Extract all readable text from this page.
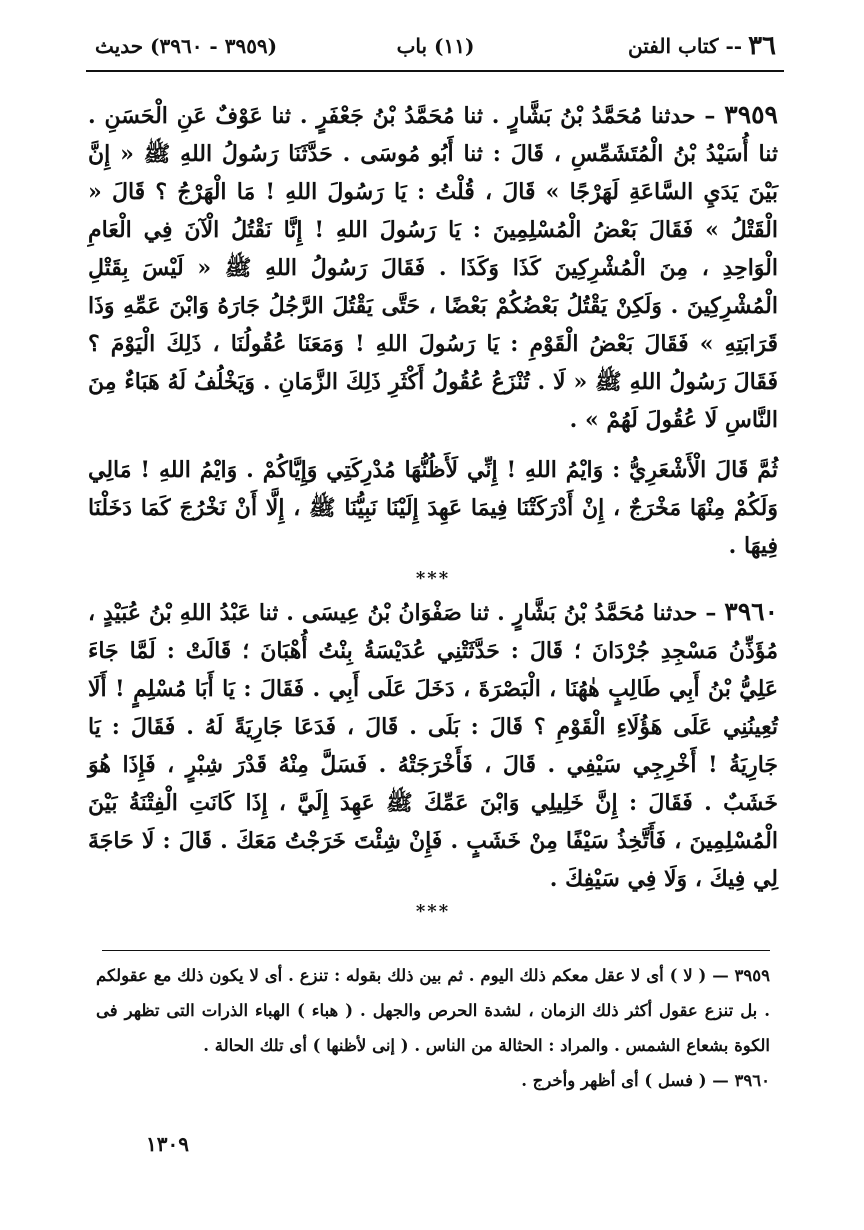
٣٦
-- كتاب الفتن
(١١) باب
(٣٩٥٩ - ٣٩٦٠) حديث

٣٩٥٩ – حدثنا مُحَمَّدُ بْنُ بَشَّارٍ . ثنا مُحَمَّدُ بْنُ جَعْفَرٍ . ثنا عَوْفٌ عَنِ الْحَسَنِ . ثنا أُسَيْدُ بْنُ الْمُتَشَمِّسِ ، قَالَ : ثنا أَبُو مُوسَى . حَدَّثَنَا رَسُولُ اللهِ ﷺ « إِنَّ بَيْنَ يَدَيِ السَّاعَةِ لَهَرْجًا » قَالَ ، قُلْتُ : يَا رَسُولَ اللهِ ! مَا الْهَرْجُ ؟ قَالَ « الْقَتْلُ » فَقَالَ بَعْضُ الْمُسْلِمِينَ : يَا رَسُولَ اللهِ ! إِنَّا نَقْتُلُ الْآنَ فِي الْعَامِ الْوَاحِدِ ، مِنَ الْمُشْرِكِينَ كَذَا وَكَذَا . فَقَالَ رَسُولُ اللهِ ﷺ « لَيْسَ بِقَتْلِ الْمُشْرِكِينَ . وَلَكِنْ يَقْتُلُ بَعْضُكُمْ بَعْضًا ، حَتَّى يَقْتُلَ الرَّجُلُ جَارَهُ وَابْنَ عَمِّهِ وَذَا قَرَابَتِهِ » فَقَالَ بَعْضُ الْقَوْمِ : يَا رَسُولَ اللهِ ! وَمَعَنَا عُقُولُنَا ، ذَلِكَ الْيَوْمَ ؟ فَقَالَ رَسُولُ اللهِ ﷺ « لَا . تُنْزَعُ عُقُولُ أَكْثَرِ ذَلِكَ الزَّمَانِ . وَيَخْلُفُ لَهُ هَبَاءٌ مِنَ النَّاسِ لَا عُقُولَ لَهُمْ » .

ثُمَّ قَالَ الْأَشْعَرِيُّ : وَايْمُ اللهِ ! إِنِّي لَأَظُنُّهَا مُدْرِكَتِي وَإِيَّاكُمْ . وَايْمُ اللهِ ! مَالِي وَلَكُمْ مِنْهَا مَخْرَجٌ ، إِنْ أَدْرَكَتْنَا فِيمَا عَهِدَ إِلَيْنَا نَبِيُّنَا ﷺ ، إِلَّا أَنْ نَخْرُجَ كَمَا دَخَلْنَا فِيهَا .

***

٣٩٦٠ – حدثنا مُحَمَّدُ بْنُ بَشَّارٍ . ثنا صَفْوَانُ بْنُ عِيسَى . ثنا عَبْدُ اللهِ بْنُ عُبَيْدٍ ، مُؤَذِّنُ مَسْجِدِ جُرْدَانَ ؛ قَالَ : حَدَّثَتْنِي عُدَيْسَةُ بِنْتُ أُهْبَانَ ؛ قَالَتْ : لَمَّا جَاءَ عَلِيُّ بْنُ أَبِي طَالِبٍ هٰهُنَا ، الْبَصْرَةَ ، دَخَلَ عَلَى أَبِي . فَقَالَ : يَا أَبَا مُسْلِمٍ ! أَلَا تُعِينُنِي عَلَى هَؤُلَاءِ الْقَوْمِ ؟ قَالَ : بَلَى . قَالَ ، فَدَعَا جَارِيَةً لَهُ . فَقَالَ : يَا جَارِيَةُ ! أَخْرِجِي سَيْفِي . قَالَ ، فَأَخْرَجَتْهُ . فَسَلَّ مِنْهُ قَدْرَ شِبْرٍ ، فَإِذَا هُوَ خَشَبٌ . فَقَالَ : إِنَّ خَلِيلِي وَابْنَ عَمِّكَ ﷺ عَهِدَ إِلَيَّ ، إِذَا كَانَتِ الْفِتْنَةُ بَيْنَ الْمُسْلِمِينَ ، فَأَتَّخِذُ سَيْفًا مِنْ خَشَبٍ . فَإِنْ شِئْتَ خَرَجْتُ مَعَكَ . قَالَ : لَا حَاجَةَ لِي فِيكَ ، وَلَا فِي سَيْفِكَ .

***

٣٩٥٩ — ( لا ) أى لا عقل معكم ذلك اليوم . ثم بين ذلك بقوله : تنزع . أى لا يكون ذلك مع عقولكم . بل تنزع عقول أكثر ذلك الزمان ، لشدة الحرص والجهل . ( هباء ) الهباء الذرات التى تظهر فى الكوة بشعاع الشمس . والمراد : الحثالة من الناس . ( إنى لأظنها ) أى تلك الحالة .

٣٩٦٠ — ( فسل ) أى أظهر وأخرج .

١٣٠٩
